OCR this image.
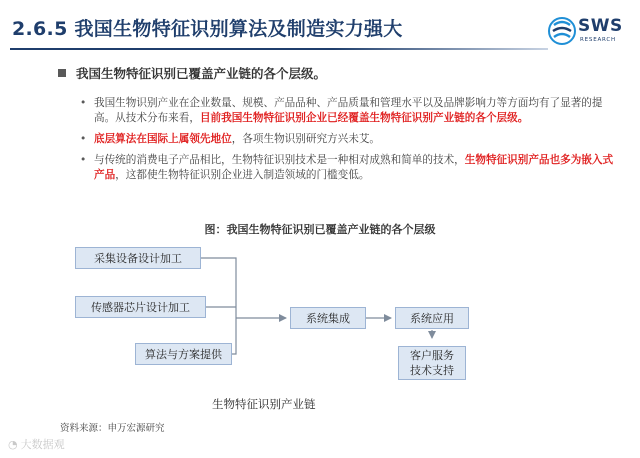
2.6.5 我国生物特征识别算法及制造实力强大	SWS
RESEARCH
我国生物特征识别已覆盖产业链的各个层级。
• 我国生物识别产业在企业数量、规模、产品品种、产品质量和管理水平以及品牌影响力等方面均有了显著的提高。从技术分布来看，目前我国生物特征识别企业已经覆盖生物特征识别产业链的各个层级。
• 底层算法在国际上属领先地位，各项生物识别研究方兴未艾。
• 与传统的消费电子产品相比，生物特征识别技术是一种相对成熟和简单的技术，生物特征识别产品也多为嵌入式产品，这都使生物特征识别企业进入制造领域的门槛变低。
图：我国生物特征识别已覆盖产业链的各个层级
采集设备设计加工
传感器芯片设计加工
算法与方案提供
系统集成	系统应用
客户服务
技术支持
生物特征识别产业链
资料来源：申万宏源研究
◔ 大数据观
